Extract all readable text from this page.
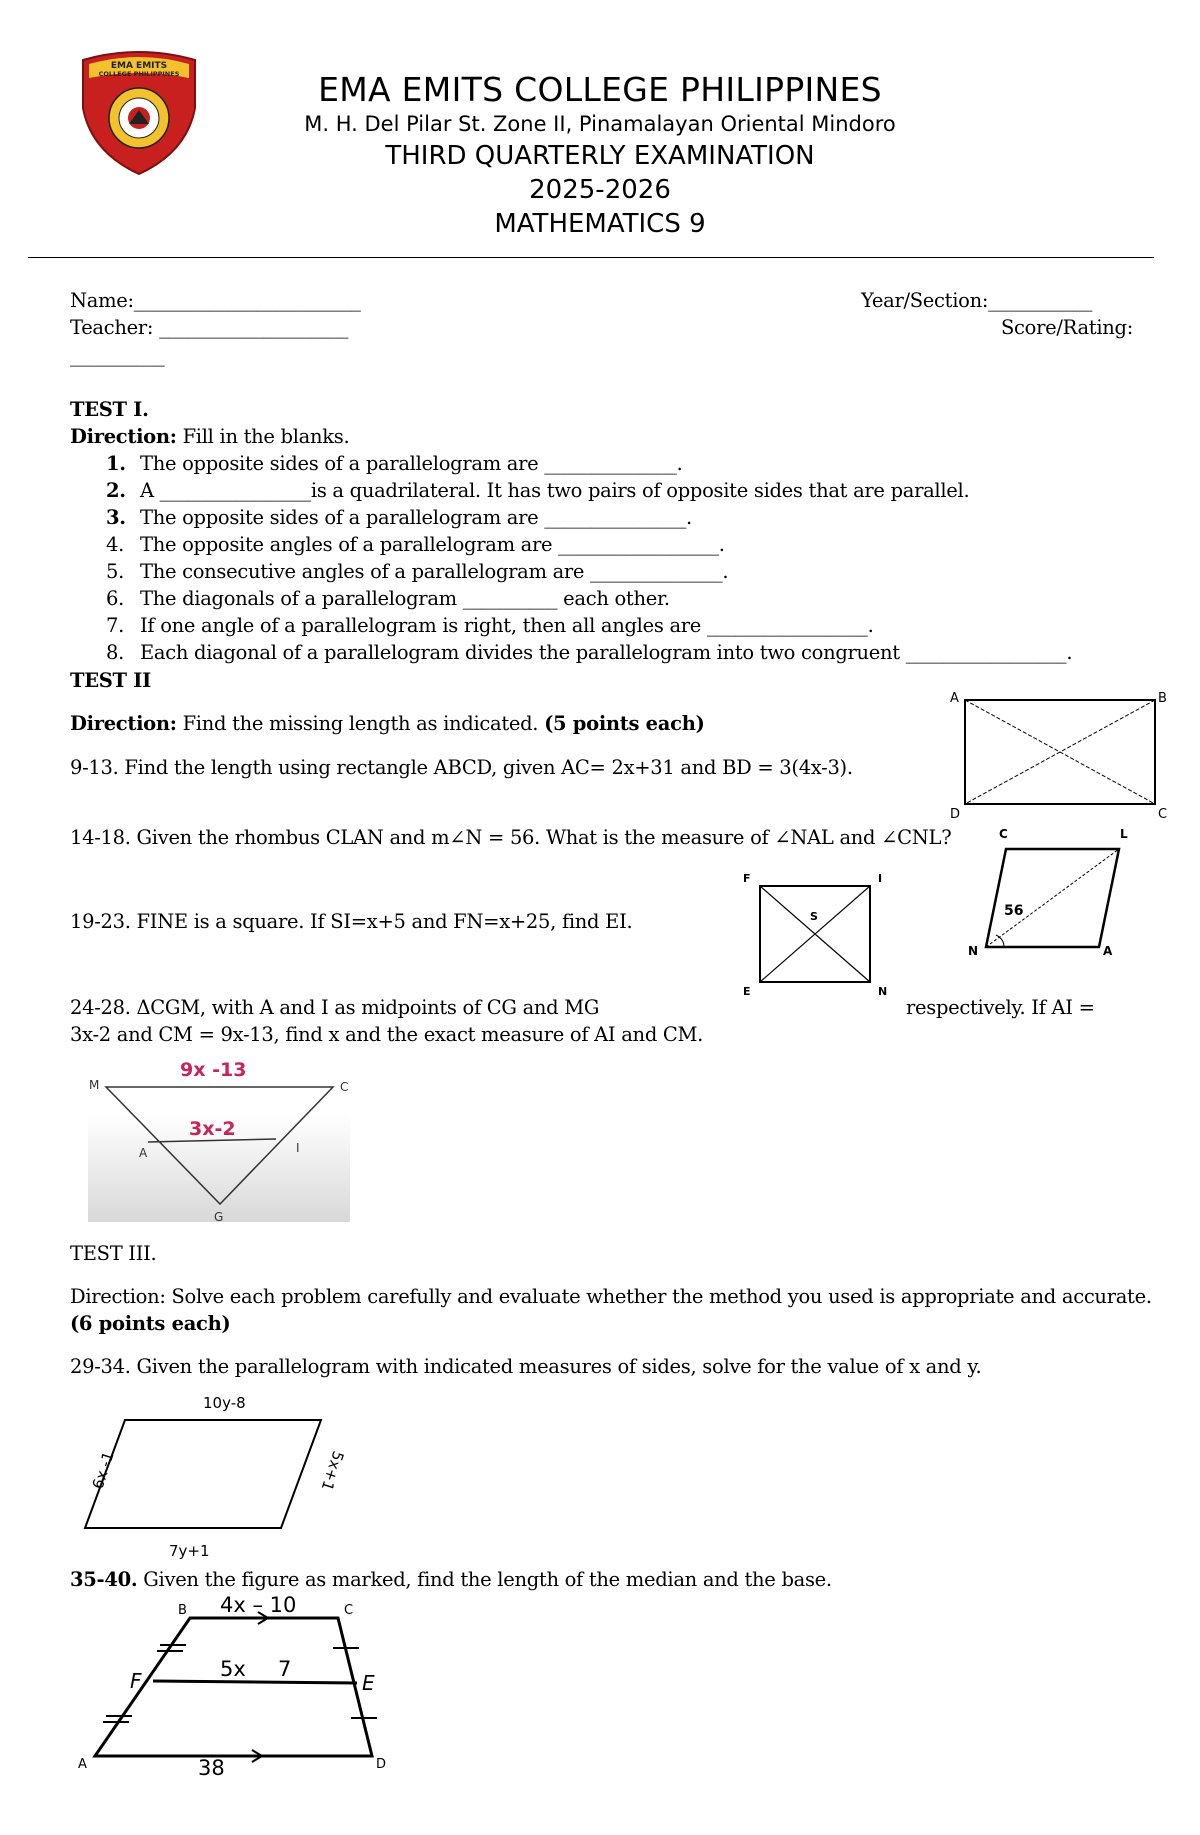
EMA EMITS
COLLEGE PHILIPPINES	EMA EMITS COLLEGE PHILIPPINES
M. H. Del Pilar St. Zone II, Pinamalayan Oriental Mindoro
THIRD QUARTERLY EXAMINATION
2025-2026
MATHEMATICS 9
Name:________________________	Year/Section:___________
Teacher: ____________________	Score/Rating:
__________
TEST I.
Direction: Fill in the blanks.
1. The opposite sides of a parallelogram are ______________.
2. A ________________is a quadrilateral. It has two pairs of opposite sides that are parallel.
3. The opposite sides of a parallelogram are _______________.
4. The opposite angles of a parallelogram are _________________.
5. The consecutive angles of a parallelogram are ______________.
6. The diagonals of a parallelogram __________ each other.
7. If one angle of a parallelogram is right, then all angles are _________________.
8. Each diagonal of a parallelogram divides the parallelogram into two congruent _________________.
TEST II
Direction: Find the missing length as indicated. (5 points each)
9-13. Find the length using rectangle ABCD, given AC= 2x+31 and BD = 3(4x-3).
14-18. Given the rhombus CLAN and m∠N = 56. What is the measure of ∠NAL and ∠CNL?
19-23. FINE is a square. If SI=x+5 and FN=x+25, find EI.
24-28. ΔCGM, with A and I as midpoints of CG and MG	respectively. If AI =
3x-2 and CM = 9x-13, find x and the exact measure of AI and CM.
A	B
C
D
C	L
N	A
56
F	I
E	N
S
M	C
A	I
G
9x -13
3x-2
TEST III.
Direction: Solve each problem carefully and evaluate whether the method you used is appropriate and accurate.
(6 points each)
29-34. Given the parallelogram with indicated measures of sides, solve for the value of x and y.
10y-8
6x -1	5x+1
7y+1
35-40. Given the figure as marked, find the length of the median and the base.
B	C
F	E
A	D
4x – 10
5x 7
38
